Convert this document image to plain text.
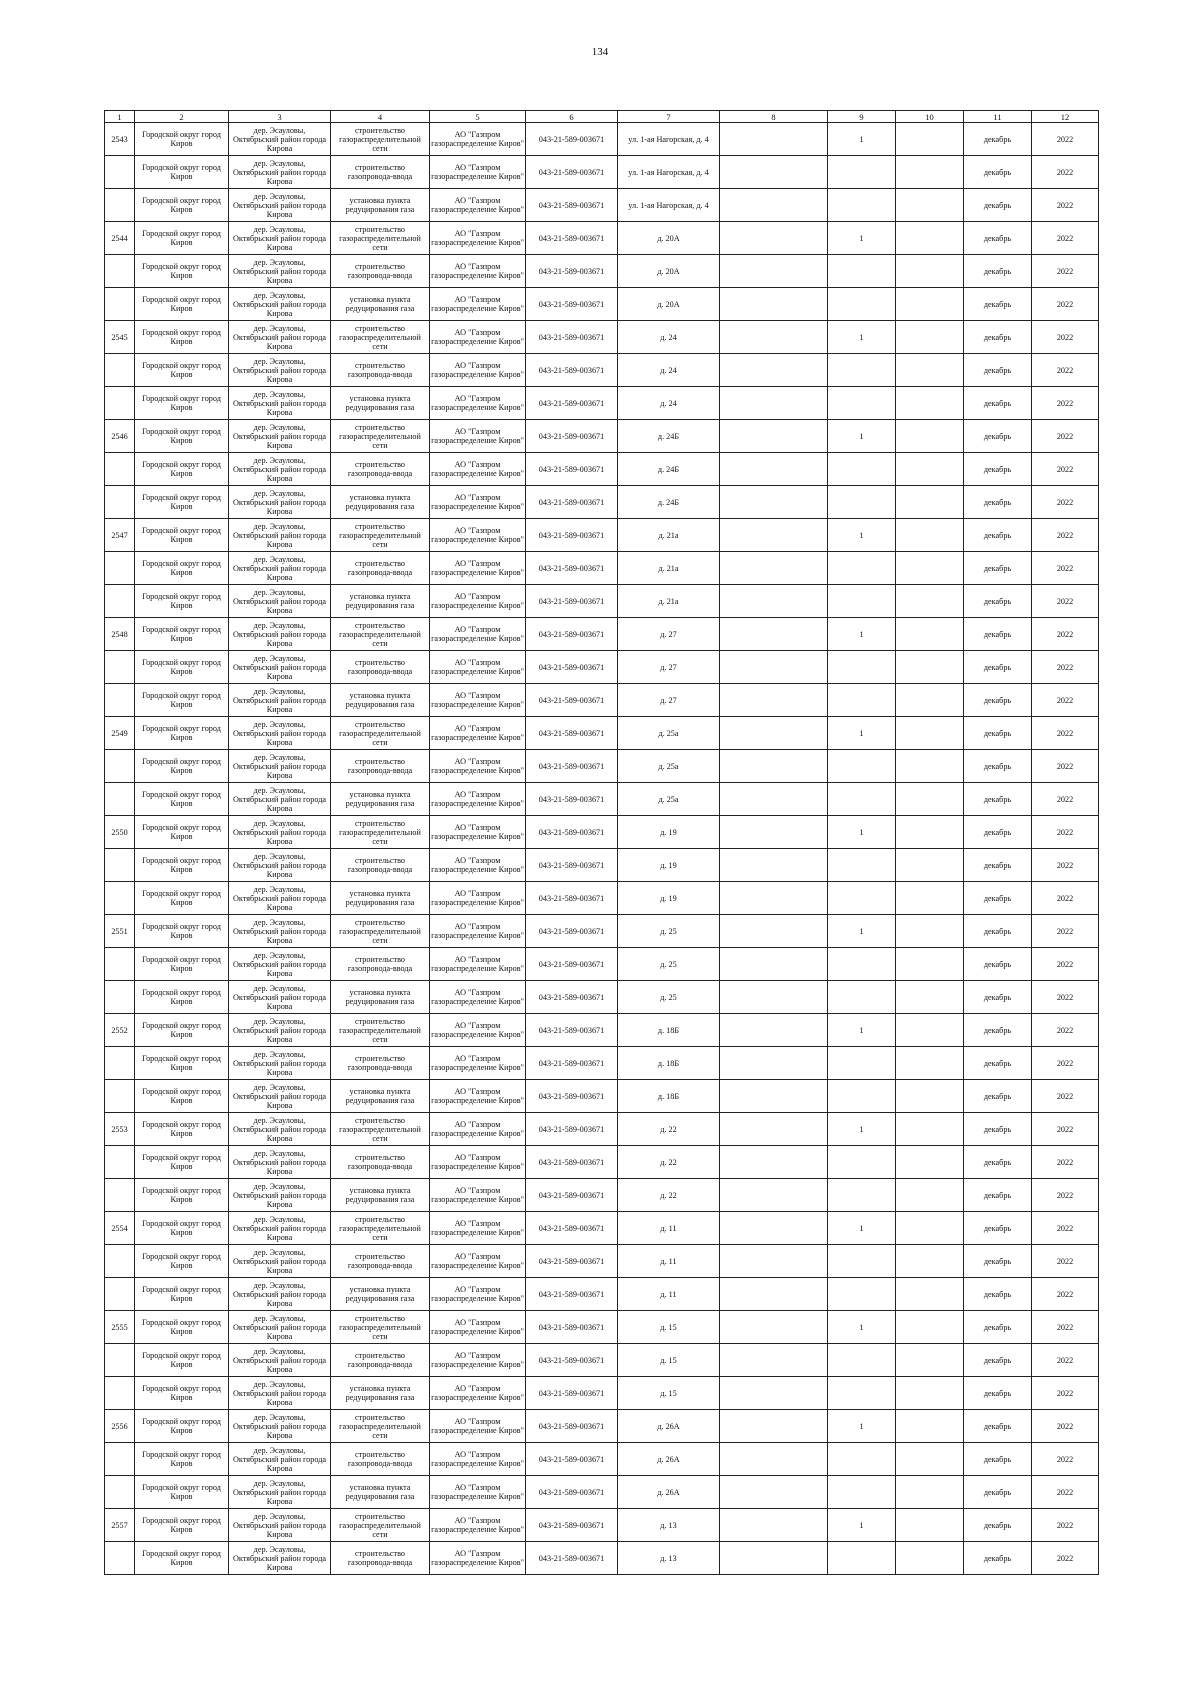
134
1	2	3	4	5	6	7	8	9	10	11	12

2543	Городской округ город Киров	дер. Эсауловы, Октябрьский район города Кирова	строительство газораспределительной сети	АО "Газпром газораспределение Киров"	043-21-589-003671	ул. 1-ая Нагорская, д. 4		1		декабрь	2022

	Городской округ город Киров	дер. Эсауловы, Октябрьский район города Кирова	строительство газопровода-ввода	АО "Газпром газораспределение Киров"	043-21-589-003671	ул. 1-ая Нагорская, д. 4				декабрь	2022

	Городской округ город Киров	дер. Эсауловы, Октябрьский район города Кирова	установка пункта редуцирования газа	АО "Газпром газораспределение Киров"	043-21-589-003671	ул. 1-ая Нагорская, д. 4				декабрь	2022

2544	Городской округ город Киров	дер. Эсауловы, Октябрьский район города Кирова	строительство газораспределительной сети	АО "Газпром газораспределение Киров"	043-21-589-003671	д. 20А		1		декабрь	2022

	Городской округ город Киров	дер. Эсауловы, Октябрьский район города Кирова	строительство газопровода-ввода	АО "Газпром газораспределение Киров"	043-21-589-003671	д. 20А				декабрь	2022

	Городской округ город Киров	дер. Эсауловы, Октябрьский район города Кирова	установка пункта редуцирования газа	АО "Газпром газораспределение Киров"	043-21-589-003671	д. 20А				декабрь	2022

2545	Городской округ город Киров	дер. Эсауловы, Октябрьский район города Кирова	строительство газораспределительной сети	АО "Газпром газораспределение Киров"	043-21-589-003671	д. 24		1		декабрь	2022

	Городской округ город Киров	дер. Эсауловы, Октябрьский район города Кирова	строительство газопровода-ввода	АО "Газпром газораспределение Киров"	043-21-589-003671	д. 24				декабрь	2022

	Городской округ город Киров	дер. Эсауловы, Октябрьский район города Кирова	установка пункта редуцирования газа	АО "Газпром газораспределение Киров"	043-21-589-003671	д. 24				декабрь	2022

2546	Городской округ город Киров	дер. Эсауловы, Октябрьский район города Кирова	строительство газораспределительной сети	АО "Газпром газораспределение Киров"	043-21-589-003671	д. 24Б		1		декабрь	2022

	Городской округ город Киров	дер. Эсауловы, Октябрьский район города Кирова	строительство газопровода-ввода	АО "Газпром газораспределение Киров"	043-21-589-003671	д. 24Б				декабрь	2022

	Городской округ город Киров	дер. Эсауловы, Октябрьский район города Кирова	установка пункта редуцирования газа	АО "Газпром газораспределение Киров"	043-21-589-003671	д. 24Б				декабрь	2022

2547	Городской округ город Киров	дер. Эсауловы, Октябрьский район города Кирова	строительство газораспределительной сети	АО "Газпром газораспределение Киров"	043-21-589-003671	д. 21а		1		декабрь	2022

	Городской округ город Киров	дер. Эсауловы, Октябрьский район города Кирова	строительство газопровода-ввода	АО "Газпром газораспределение Киров"	043-21-589-003671	д. 21а				декабрь	2022

	Городской округ город Киров	дер. Эсауловы, Октябрьский район города Кирова	установка пункта редуцирования газа	АО "Газпром газораспределение Киров"	043-21-589-003671	д. 21а				декабрь	2022

2548	Городской округ город Киров	дер. Эсауловы, Октябрьский район города Кирова	строительство газораспределительной сети	АО "Газпром газораспределение Киров"	043-21-589-003671	д. 27		1		декабрь	2022

	Городской округ город Киров	дер. Эсауловы, Октябрьский район города Кирова	строительство газопровода-ввода	АО "Газпром газораспределение Киров"	043-21-589-003671	д. 27				декабрь	2022

	Городской округ город Киров	дер. Эсауловы, Октябрьский район города Кирова	установка пункта редуцирования газа	АО "Газпром газораспределение Киров"	043-21-589-003671	д. 27				декабрь	2022

2549	Городской округ город Киров	дер. Эсауловы, Октябрьский район города Кирова	строительство газораспределительной сети	АО "Газпром газораспределение Киров"	043-21-589-003671	д. 25а		1		декабрь	2022

	Городской округ город Киров	дер. Эсауловы, Октябрьский район города Кирова	строительство газопровода-ввода	АО "Газпром газораспределение Киров"	043-21-589-003671	д. 25а				декабрь	2022

	Городской округ город Киров	дер. Эсауловы, Октябрьский район города Кирова	установка пункта редуцирования газа	АО "Газпром газораспределение Киров"	043-21-589-003671	д. 25а				декабрь	2022

2550	Городской округ город Киров	дер. Эсауловы, Октябрьский район города Кирова	строительство газораспределительной сети	АО "Газпром газораспределение Киров"	043-21-589-003671	д. 19		1		декабрь	2022

	Городской округ город Киров	дер. Эсауловы, Октябрьский район города Кирова	строительство газопровода-ввода	АО "Газпром газораспределение Киров"	043-21-589-003671	д. 19				декабрь	2022

	Городской округ город Киров	дер. Эсауловы, Октябрьский район города Кирова	установка пункта редуцирования газа	АО "Газпром газораспределение Киров"	043-21-589-003671	д. 19				декабрь	2022

2551	Городской округ город Киров	дер. Эсауловы, Октябрьский район города Кирова	строительство газораспределительной сети	АО "Газпром газораспределение Киров"	043-21-589-003671	д. 25		1		декабрь	2022

	Городской округ город Киров	дер. Эсауловы, Октябрьский район города Кирова	строительство газопровода-ввода	АО "Газпром газораспределение Киров"	043-21-589-003671	д. 25				декабрь	2022

	Городской округ город Киров	дер. Эсауловы, Октябрьский район города Кирова	установка пункта редуцирования газа	АО "Газпром газораспределение Киров"	043-21-589-003671	д. 25				декабрь	2022

2552	Городской округ город Киров	дер. Эсауловы, Октябрьский район города Кирова	строительство газораспределительной сети	АО "Газпром газораспределение Киров"	043-21-589-003671	д. 18Б		1		декабрь	2022

	Городской округ город Киров	дер. Эсауловы, Октябрьский район города Кирова	строительство газопровода-ввода	АО "Газпром газораспределение Киров"	043-21-589-003671	д. 18Б				декабрь	2022

	Городской округ город Киров	дер. Эсауловы, Октябрьский район города Кирова	установка пункта редуцирования газа	АО "Газпром газораспределение Киров"	043-21-589-003671	д. 18Б				декабрь	2022

2553	Городской округ город Киров	дер. Эсауловы, Октябрьский район города Кирова	строительство газораспределительной сети	АО "Газпром газораспределение Киров"	043-21-589-003671	д. 22		1		декабрь	2022

	Городской округ город Киров	дер. Эсауловы, Октябрьский район города Кирова	строительство газопровода-ввода	АО "Газпром газораспределение Киров"	043-21-589-003671	д. 22				декабрь	2022

	Городской округ город Киров	дер. Эсауловы, Октябрьский район города Кирова	установка пункта редуцирования газа	АО "Газпром газораспределение Киров"	043-21-589-003671	д. 22				декабрь	2022

2554	Городской округ город Киров	дер. Эсауловы, Октябрьский район города Кирова	строительство газораспределительной сети	АО "Газпром газораспределение Киров"	043-21-589-003671	д. 11		1		декабрь	2022

	Городской округ город Киров	дер. Эсауловы, Октябрьский район города Кирова	строительство газопровода-ввода	АО "Газпром газораспределение Киров"	043-21-589-003671	д. 11				декабрь	2022

	Городской округ город Киров	дер. Эсауловы, Октябрьский район города Кирова	установка пункта редуцирования газа	АО "Газпром газораспределение Киров"	043-21-589-003671	д. 11				декабрь	2022

2555	Городской округ город Киров	дер. Эсауловы, Октябрьский район города Кирова	строительство газораспределительной сети	АО "Газпром газораспределение Киров"	043-21-589-003671	д. 15		1		декабрь	2022

	Городской округ город Киров	дер. Эсауловы, Октябрьский район города Кирова	строительство газопровода-ввода	АО "Газпром газораспределение Киров"	043-21-589-003671	д. 15				декабрь	2022

	Городской округ город Киров	дер. Эсауловы, Октябрьский район города Кирова	установка пункта редуцирования газа	АО "Газпром газораспределение Киров"	043-21-589-003671	д. 15				декабрь	2022

2556	Городской округ город Киров	дер. Эсауловы, Октябрьский район города Кирова	строительство газораспределительной сети	АО "Газпром газораспределение Киров"	043-21-589-003671	д. 26А		1		декабрь	2022

	Городской округ город Киров	дер. Эсауловы, Октябрьский район города Кирова	строительство газопровода-ввода	АО "Газпром газораспределение Киров"	043-21-589-003671	д. 26А				декабрь	2022

	Городской округ город Киров	дер. Эсауловы, Октябрьский район города Кирова	установка пункта редуцирования газа	АО "Газпром газораспределение Киров"	043-21-589-003671	д. 26А				декабрь	2022

2557	Городской округ город Киров	дер. Эсауловы, Октябрьский район города Кирова	строительство газораспределительной сети	АО "Газпром газораспределение Киров"	043-21-589-003671	д. 13		1		декабрь	2022

	Городской округ город Киров	дер. Эсауловы, Октябрьский район города Кирова	строительство газопровода-ввода	АО "Газпром газораспределение Киров"	043-21-589-003671	д. 13				декабрь	2022
